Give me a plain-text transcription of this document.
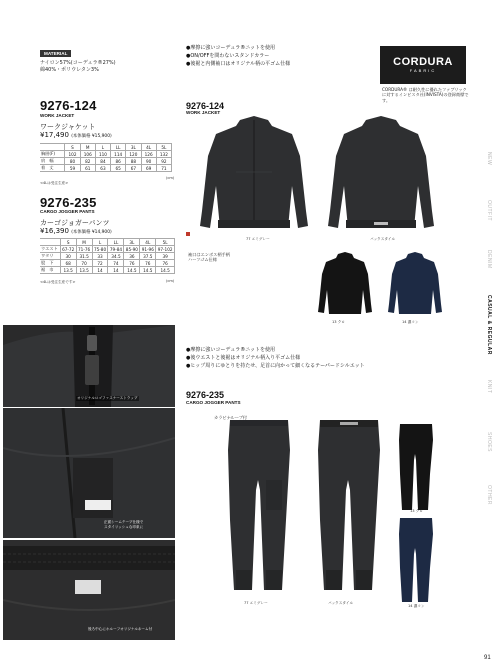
MATERIAL
ナイロン57%(コーデュラ®27%)
綿40%・ポリウレタン3%
9276-124
WORK JACKET
ワークジャケット
¥17,490 (本体価格 ¥15,900)
	S	M	L	LL	3L	4L	5L
胸囲(F)	102	106	110	114	120	126	132
肩　幅	80	82	84	86	88	90	92
着　丈	59	61	63	65	67	69	71
(cm)
<4Lは受注生産>
9276-235
CARGO JOGGER PANTS
カーゴジョガーパンツ
¥16,390 (本体価格 ¥14,900)
	S	M	L	LL	3L	4L	5L
ウエスト	67-72	71-76	75-80	79-84	85-90	91-96	97-102
ワタリ	30	31.5	33	34.5	36	37.5	39
股　下	68	70	72	74	76	76	76
裾　巾	13.5	13.5	14	14	14.5	14.5	14.5
(cm)
<4Lは受注生産です>
オリジナルロゴファスナーストラップ
正面シームテープ仕様で
スタイリッシュな印象に
後ろ中心にホルーフオリジナルネーム付
●摩擦に強いコーデュラ®ニットを使用
●ON/OFFを問わないスタンドカラー
●後裾と内側袖口はオリジナル柄の平ゴム仕様	CORDURA
FABRIC
CORDURA® は耐久性に優れたファブリックに対するインビスタ社(INVISTA)の登録商標です。
9276-124
WORK JACKET
77 エミグレー	バックスタイル
袖口はエンボス柄手柄
ハーフゴム仕様
13 クロ	14 濃コン
●摩擦に強いコーデュラ®ニットを使用
●後ウエストと後裾はオリジナル柄入り平ゴム仕様
●ヒップ周りにゆとりを持たせ、足首に向かって細くなるテーパードシルエット
9276-235
CARGO JOGGER PANTS
カラビナループ付
77 エミグレー	バックスタイル
13 クロ
14 濃コン
NEW
OUTFIT
DENIM
CASUAL & REGULAR
KNIT
SHOES
OTHER
91
